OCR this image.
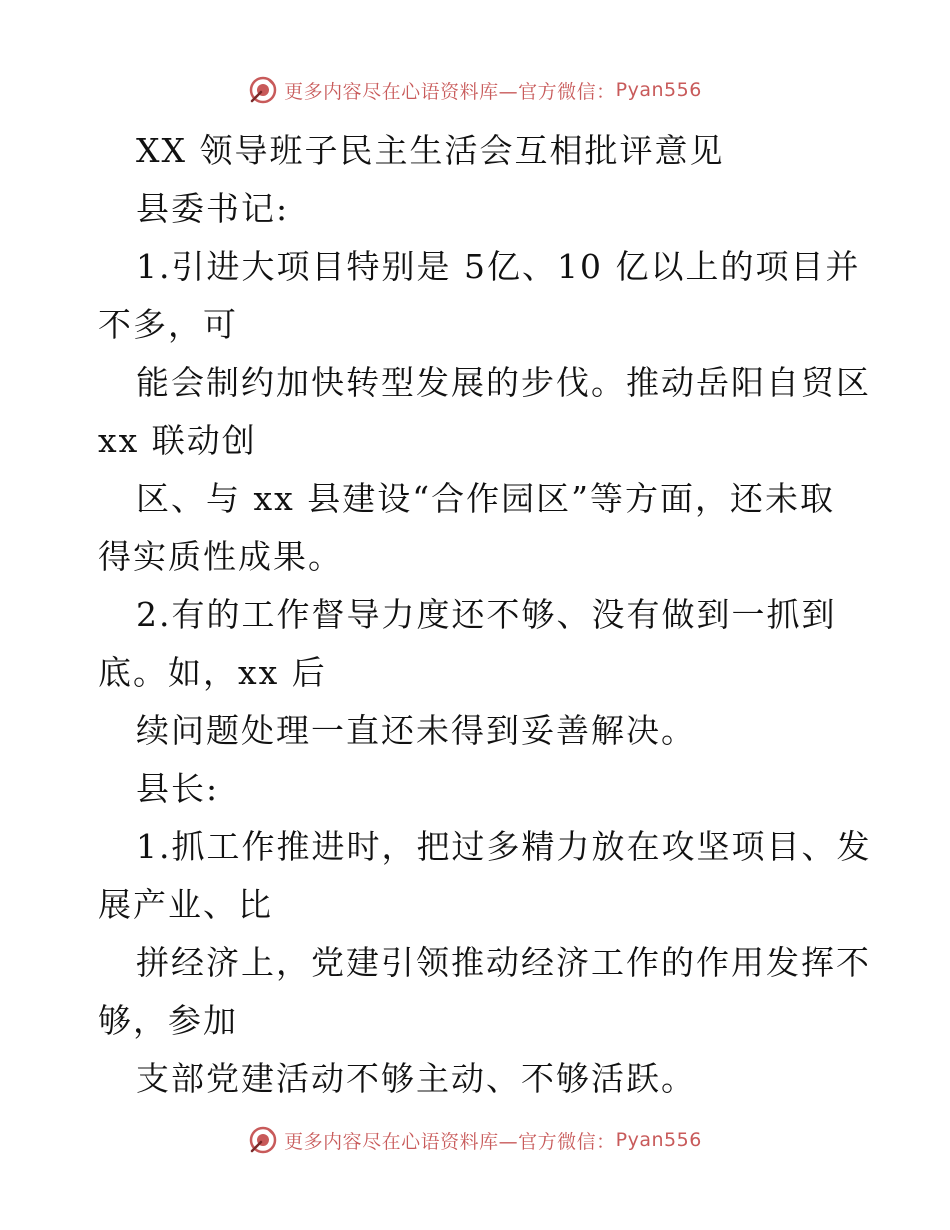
更多内容尽在心语资料库—官方微信： Pyan556
XX 领导班子民主生活会互相批评意见
县委书记:
1.引进大项目特别是 5亿、10 亿以上的项目并
不多，可
能会制约加快转型发展的步伐。推动岳阳自贸区
xx 联动创
区、与 xx 县建设“合作园区”等方面，还未取
得实质性成果。
2.有的工作督导力度还不够、没有做到一抓到
底。如，xx 后
续问题处理一直还未得到妥善解决。
县长:
1.抓工作推进时，把过多精力放在攻坚项目、发
展产业、比
拼经济上，党建引领推动经济工作的作用发挥不
够，参加
支部党建活动不够主动、不够活跃。
更多内容尽在心语资料库—官方微信： Pyan556
